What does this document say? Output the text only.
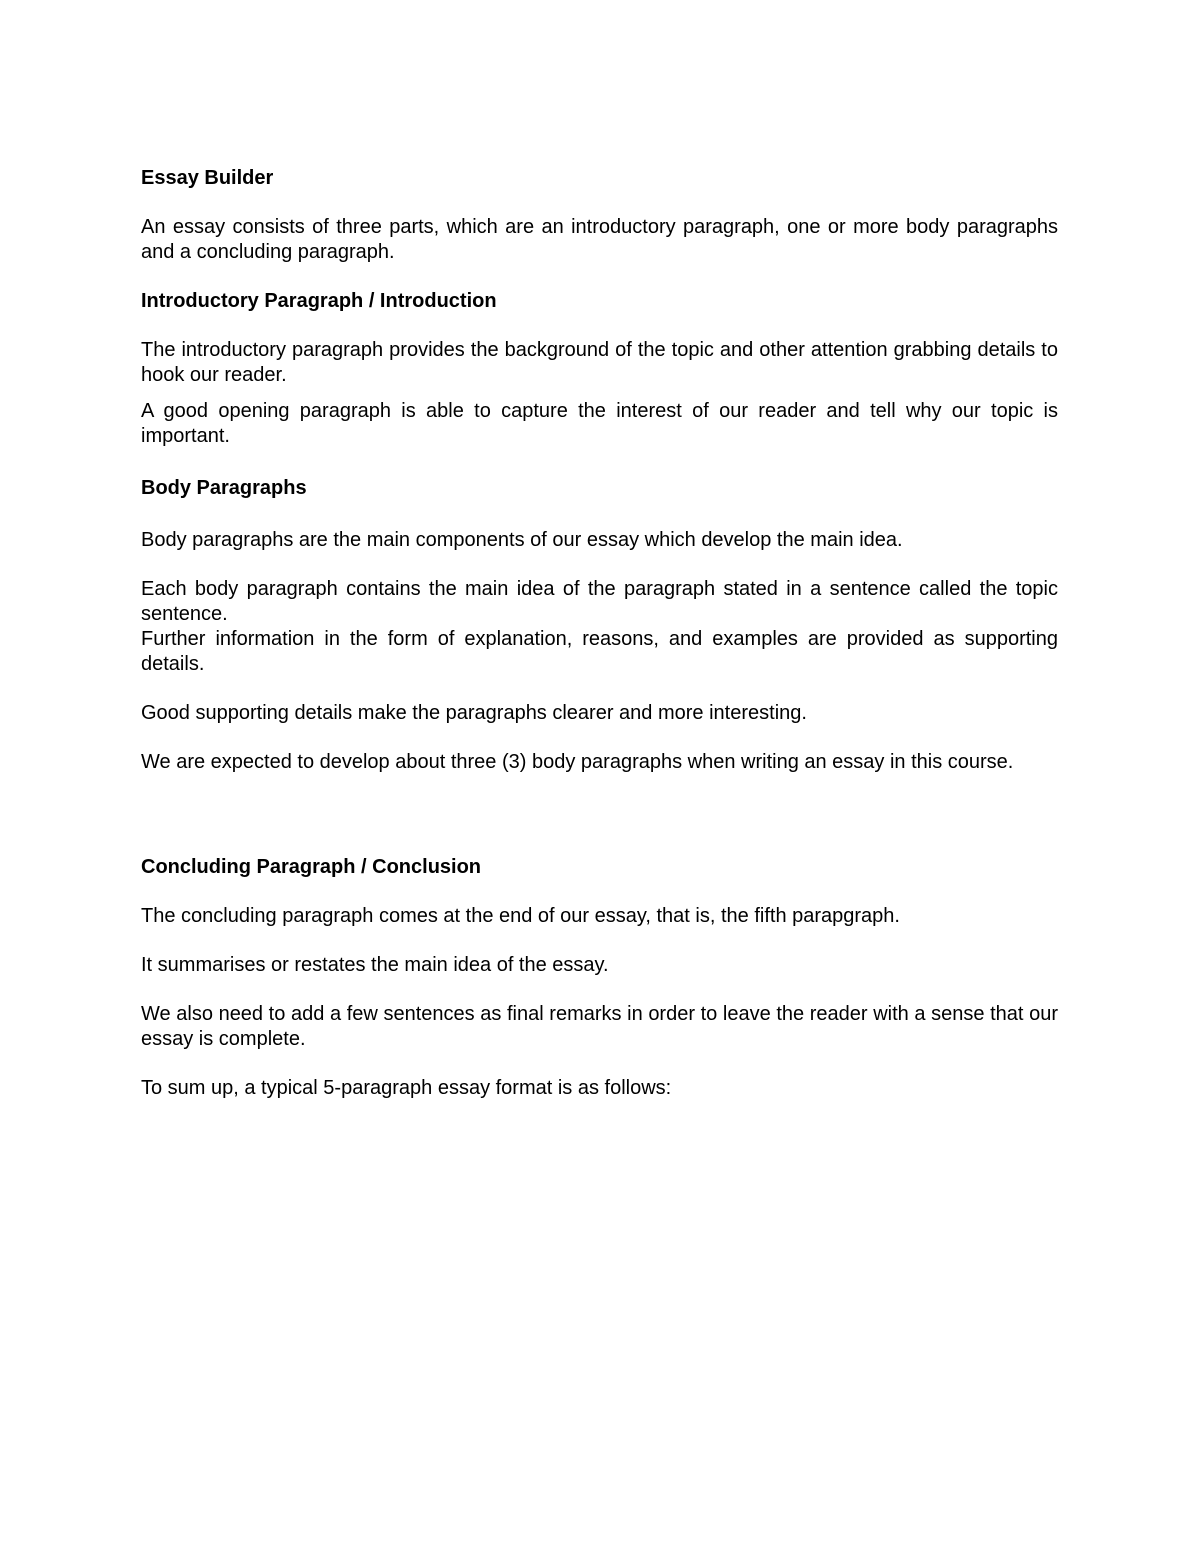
Essay Builder

An essay consists of three parts, which are an introductory paragraph, one or more body paragraphs and a concluding paragraph.

Introductory Paragraph / Introduction

The introductory paragraph provides the background of the topic and other attention grabbing details to hook our reader.

A good opening paragraph is able to capture the interest of our reader and tell why our topic is important.

Body Paragraphs

Body paragraphs are the main components of our essay which develop the main idea.

Each body paragraph contains the main idea of the paragraph stated in a sentence called the topic sentence.

Further information in the form of explanation, reasons, and examples are provided as supporting details.

Good supporting details make the paragraphs clearer and more interesting.

We are expected to develop about three (3) body paragraphs when writing an essay in this course.

Concluding Paragraph / Conclusion

The concluding paragraph comes at the end of our essay, that is, the fifth parapgraph.

It summarises or restates the main idea of the essay.

We also need to add a few sentences as final remarks in order to leave the reader with a sense that our essay is complete.

To sum up, a typical 5-paragraph essay format is as follows:
